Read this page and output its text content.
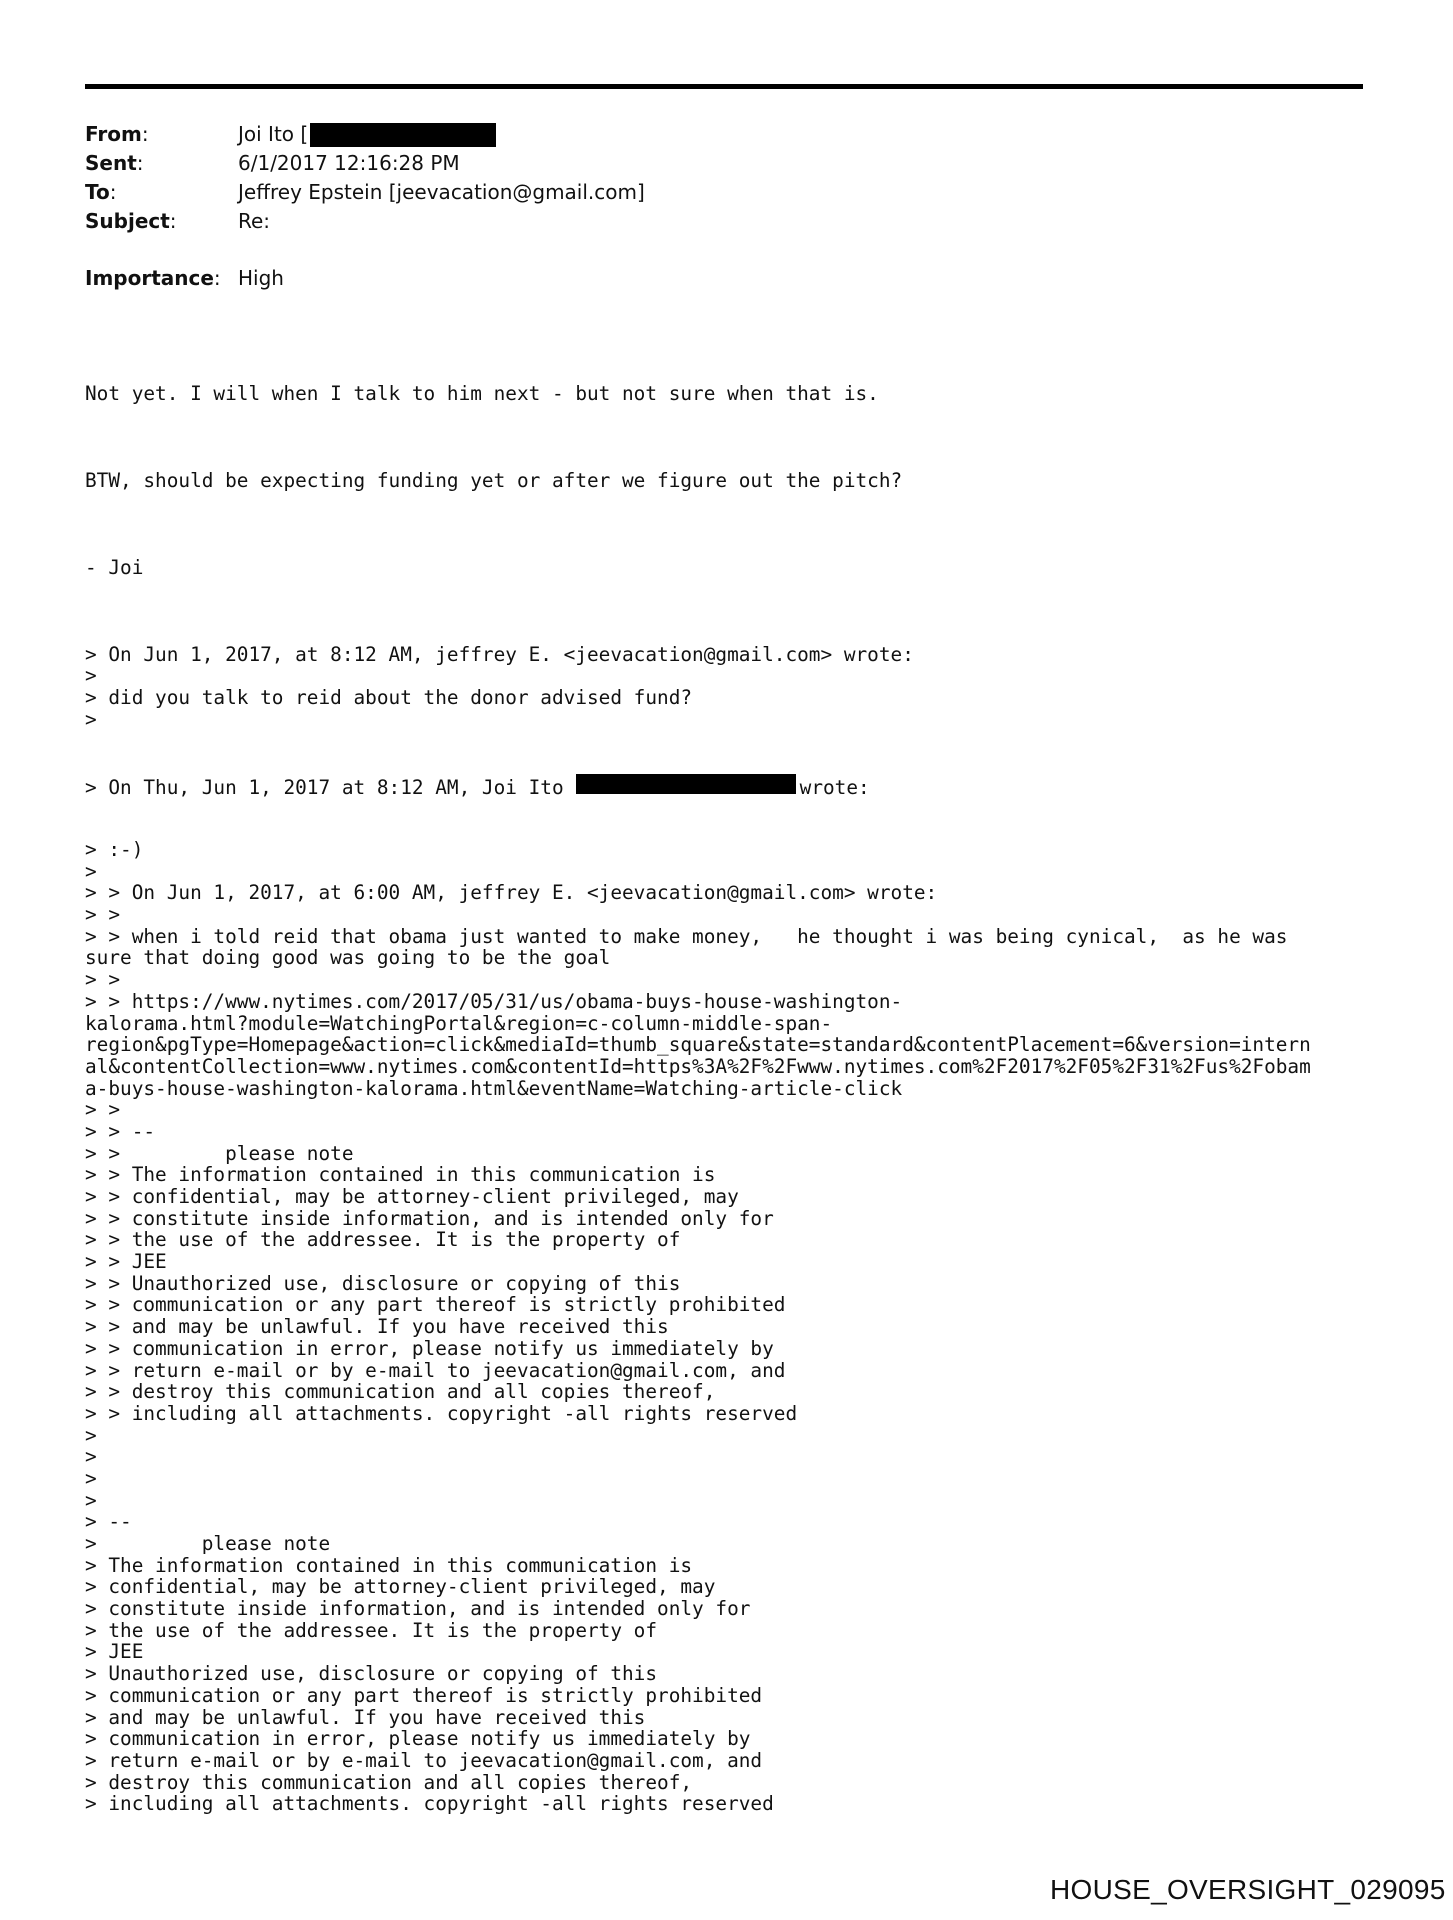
From:	Joi Ito [
Sent:	6/1/2017 12:16:28 PM
To:	Jeffrey Epstein [jeevacation@gmail.com]
Subject:	Re:
Importance: High

Not yet. I will when I talk to him next - but not sure when that is.

BTW, should be expecting funding yet or after we figure out the pitch?

- Joi

> On Jun 1, 2017, at 8:12 AM, jeffrey E. <jeevacation@gmail.com> wrote:
>
> did you talk to reid about the donor advised fund?
>

> On Thu, Jun 1, 2017 at 8:12 AM, Joi Ito	wrote:

> :-)
>
> > On Jun 1, 2017, at 6:00 AM, jeffrey E. <jeevacation@gmail.com> wrote:
> >
> > when i told reid that obama just wanted to make money,   he thought i was being cynical,  as he was
sure that doing good was going to be the goal
> >
> > https://www.nytimes.com/2017/05/31/us/obama-buys-house-washington-
kalorama.html?module=WatchingPortal&region=c-column-middle-span-
region&pgType=Homepage&action=click&mediaId=thumb_square&state=standard&contentPlacement=6&version=intern
al&contentCollection=www.nytimes.com&contentId=https%3A%2F%2Fwww.nytimes.com%2F2017%2F05%2F31%2Fus%2Fobam
a-buys-house-washington-kalorama.html&eventName=Watching-article-click
> >
> > --
> >         please note
> > The information contained in this communication is
> > confidential, may be attorney-client privileged, may
> > constitute inside information, and is intended only for
> > the use of the addressee. It is the property of
> > JEE
> > Unauthorized use, disclosure or copying of this
> > communication or any part thereof is strictly prohibited
> > and may be unlawful. If you have received this
> > communication in error, please notify us immediately by
> > return e-mail or by e-mail to jeevacation@gmail.com, and
> > destroy this communication and all copies thereof,
> > including all attachments. copyright -all rights reserved
>
>
>
>
> --
>         please note
> The information contained in this communication is
> confidential, may be attorney-client privileged, may
> constitute inside information, and is intended only for
> the use of the addressee. It is the property of
> JEE
> Unauthorized use, disclosure or copying of this
> communication or any part thereof is strictly prohibited
> and may be unlawful. If you have received this
> communication in error, please notify us immediately by
> return e-mail or by e-mail to jeevacation@gmail.com, and
> destroy this communication and all copies thereof,
> including all attachments. copyright -all rights reserved

HOUSE_OVERSIGHT_029095
